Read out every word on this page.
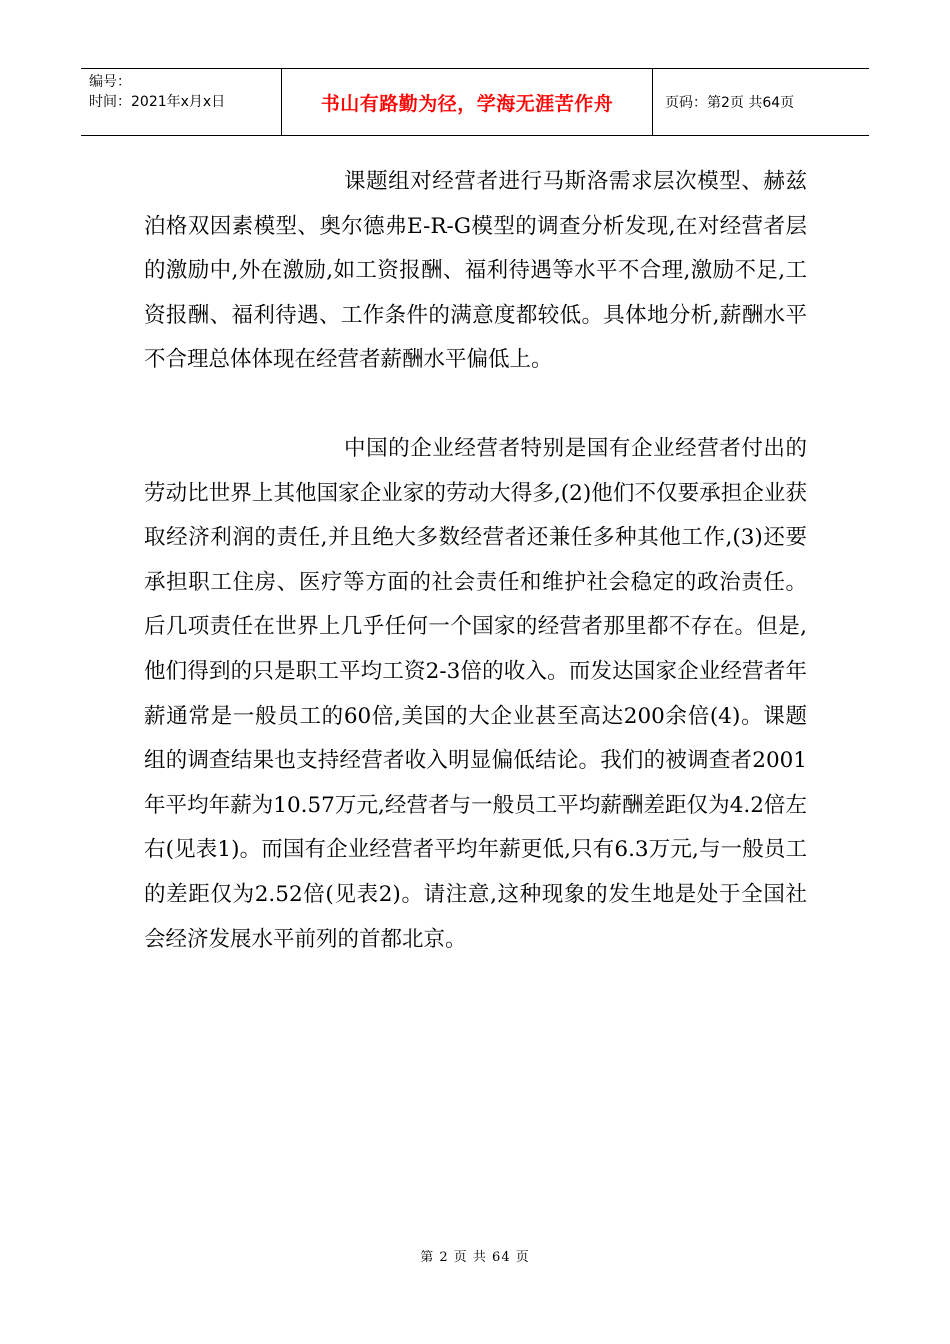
编号：
时间：2021年x月x日	书山有路勤为径，学海无涯苦作舟	页码：第2页 共64页

课题组对经营者进行马斯洛需求层次模型、赫兹泊格双因素模型、奥尔德弗E-R-G模型的调查分析发现,在对经营者层的激励中,外在激励,如工资报酬、福利待遇等水平不合理,激励不足,工资报酬、福利待遇、工作条件的满意度都较低。具体地分析,薪酬水平不合理总体体现在经营者薪酬水平偏低上。

中国的企业经营者特别是国有企业经营者付出的劳动比世界上其他国家企业家的劳动大得多,(2)他们不仅要承担企业获取经济利润的责任,并且绝大多数经营者还兼任多种其他工作,(3)还要承担职工住房、医疗等方面的社会责任和维护社会稳定的政治责任。后几项责任在世界上几乎任何一个国家的经营者那里都不存在。但是,他们得到的只是职工平均工资2-3倍的收入。而发达国家企业经营者年薪通常是一般员工的60倍,美国的大企业甚至高达200余倍(4)。课题组的调查结果也支持经营者收入明显偏低结论。我们的被调查者2001年平均年薪为10.57万元,经营者与一般员工平均薪酬差距仅为4.2倍左右(见表1)。而国有企业经营者平均年薪更低,只有6.3万元,与一般员工的差距仅为2.52倍(见表2)。请注意,这种现象的发生地是处于全国社会经济发展水平前列的首都北京。

第 2 页 共 64 页
